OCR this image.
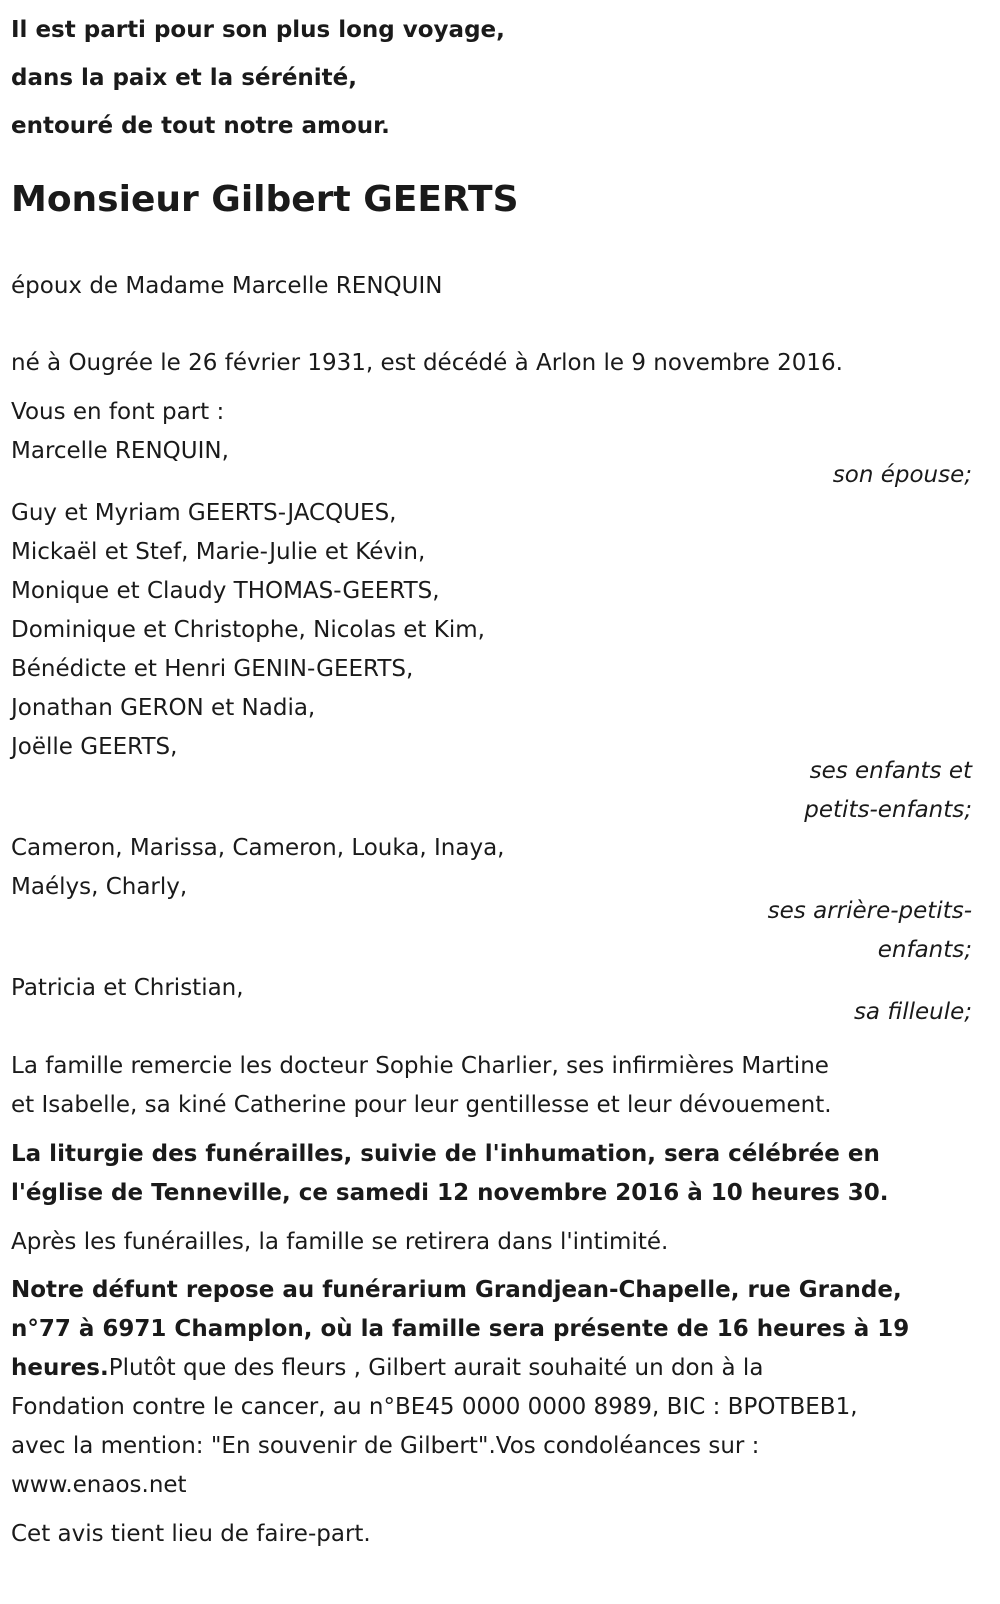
Il est parti pour son plus long voyage,
dans la paix et la sérénité,
entouré de tout notre amour.
Monsieur Gilbert GEERTS
époux de Madame Marcelle RENQUIN
né à Ougrée le 26 février 1931, est décédé à Arlon le 9 novembre 2016.
Vous en font part :
Marcelle RENQUIN,
son épouse;
Guy et Myriam GEERTS-JACQUES,
Mickaël et Stef, Marie-Julie et Kévin,
Monique et Claudy THOMAS-GEERTS,
Dominique et Christophe, Nicolas et Kim,
Bénédicte et Henri GENIN-GEERTS,
Jonathan GERON et Nadia,
Joëlle GEERTS,
ses enfants et
petits-enfants;
Cameron, Marissa, Cameron, Louka, Inaya,
Maélys, Charly,
ses arrière-petits-
enfants;
Patricia et Christian,
sa filleule;
La famille remercie les docteur Sophie Charlier, ses infirmières Martine
et Isabelle, sa kiné Catherine pour leur gentillesse et leur dévouement.
La liturgie des funérailles, suivie de l'inhumation, sera célébrée en
l'église de Tenneville, ce samedi 12 novembre 2016 à 10 heures 30.
Après les funérailles, la famille se retirera dans l'intimité.
Notre défunt repose au funérarium Grandjean-Chapelle, rue Grande,
n°77 à 6971 Champlon, où la famille sera présente de 16 heures à 19
heures.Plutôt que des fleurs , Gilbert aurait souhaité un don à la
Fondation contre le cancer, au n°BE45 0000 0000 8989, BIC : BPOTBEB1,
avec la mention: "En souvenir de Gilbert".Vos condoléances sur :
www.enaos.net
Cet avis tient lieu de faire-part.
